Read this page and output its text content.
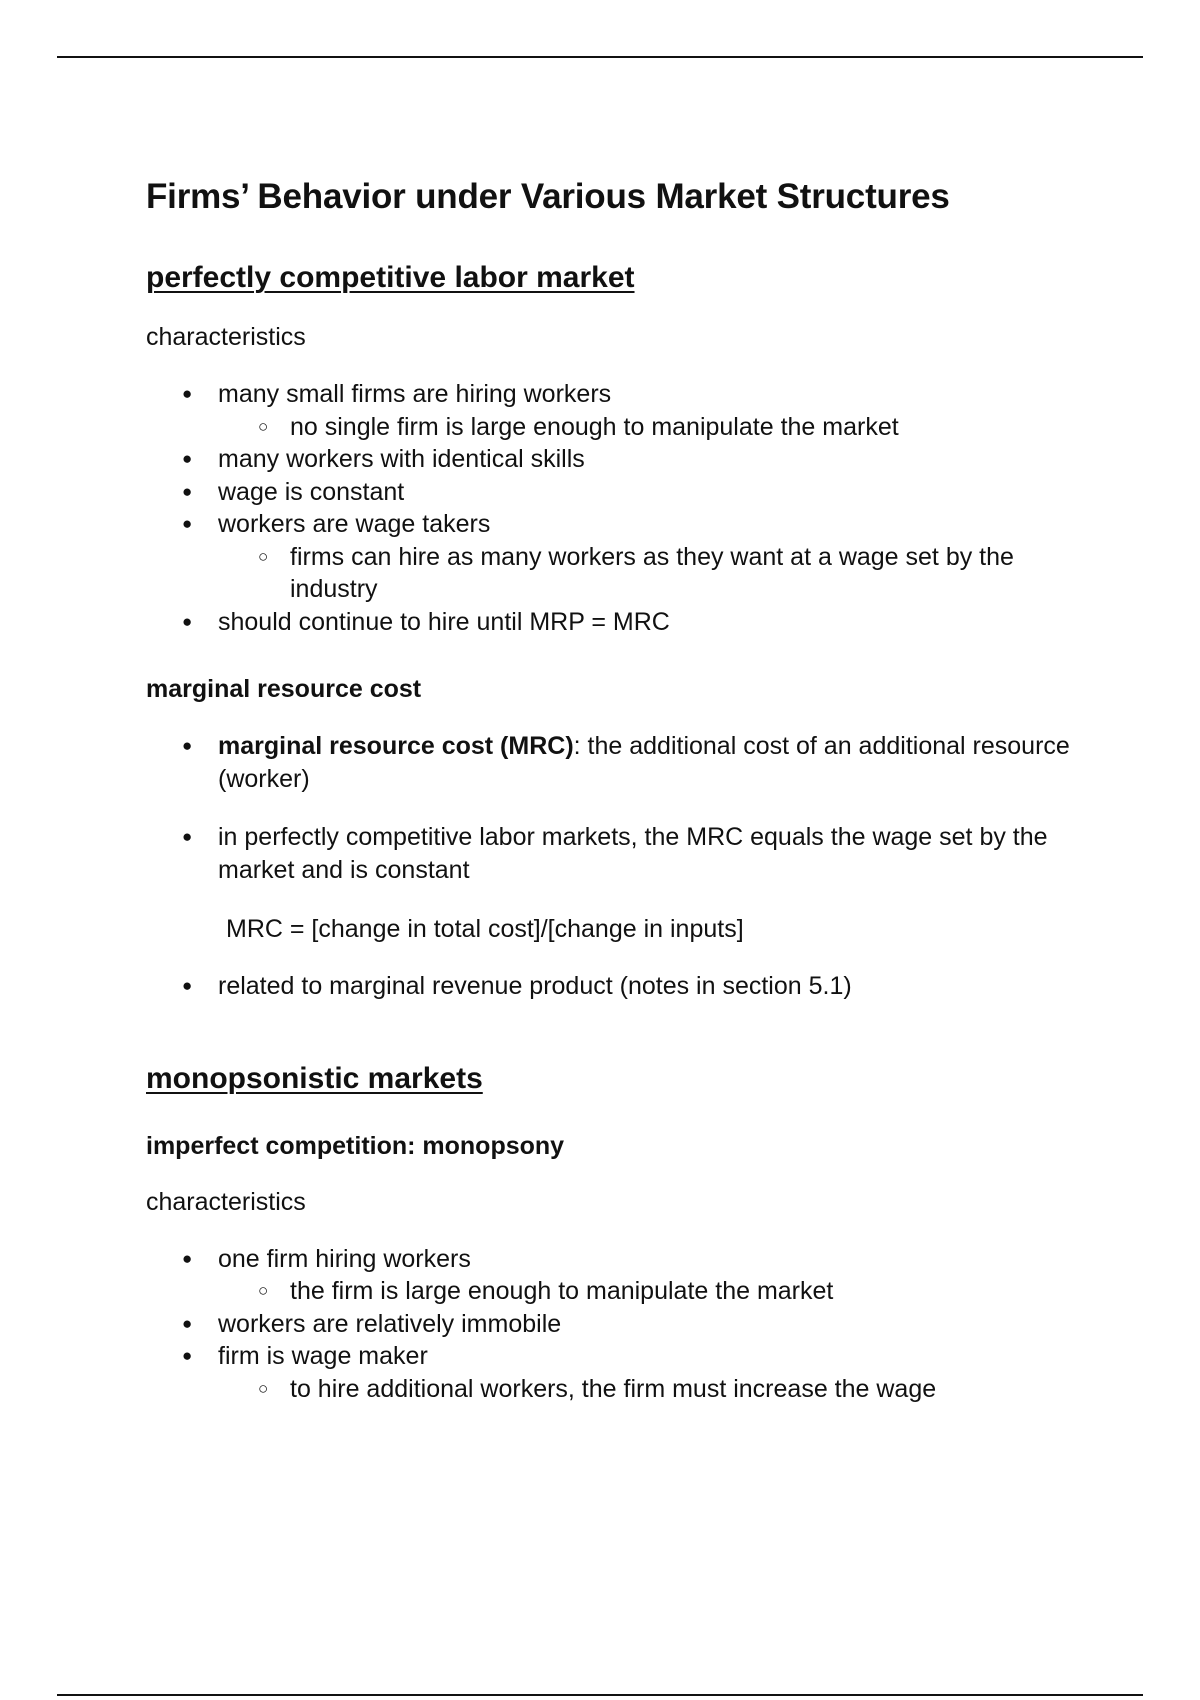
Firms’ Behavior under Various Market Structures
perfectly competitive labor market

characteristics

● many small firms are hiring workers
○ no single firm is large enough to manipulate the market
● many workers with identical skills
● wage is constant
● workers are wage takers
○ firms can hire as many workers as they want at a wage set by the industry
● should continue to hire until MRP = MRC
marginal resource cost
● marginal resource cost (MRC): the additional cost of an additional resource (worker)
● in perfectly competitive labor markets, the MRC equals the wage set by the market and is constant

MRC = [change in total cost]/[change in inputs]

● related to marginal revenue product (notes in section 5.1)
monopsonistic markets
imperfect competition: monopsony

characteristics

● one firm hiring workers
○ the firm is large enough to manipulate the market
● workers are relatively immobile
● firm is wage maker
○ to hire additional workers, the firm must increase the wage
